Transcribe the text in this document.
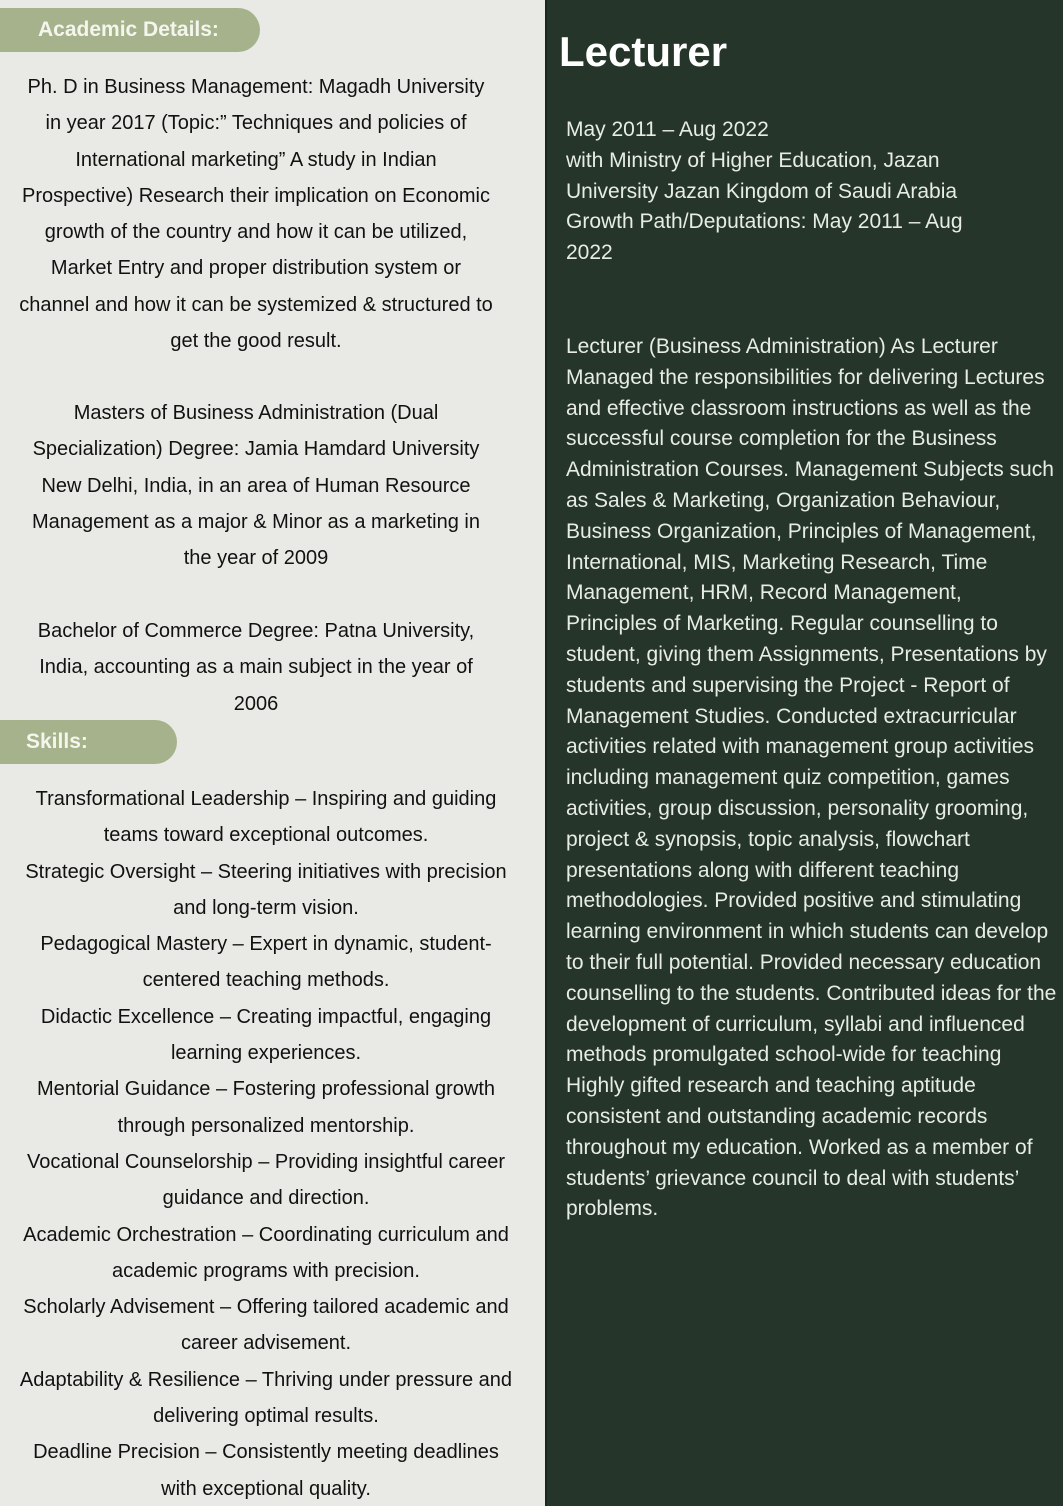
Academic Details:
Ph. D in Business Management: Magadh University
in year 2017 (Topic:” Techniques and policies of
International marketing” A study in Indian
Prospective) Research their implication on Economic
growth of the country and how it can be utilized,
Market Entry and proper distribution system or
channel and how it can be systemized & structured to
get the good result.
Masters of Business Administration (Dual
Specialization) Degree: Jamia Hamdard University
New Delhi, India, in an area of Human Resource
Management as a major & Minor as a marketing in
the year of 2009
Bachelor of Commerce Degree: Patna University,
India, accounting as a main subject in the year of
2006
Skills:
Transformational Leadership – Inspiring and guiding
teams toward exceptional outcomes.
Strategic Oversight – Steering initiatives with precision
and long-term vision.
Pedagogical Mastery – Expert in dynamic, student-
centered teaching methods.
Didactic Excellence – Creating impactful, engaging
learning experiences.
Mentorial Guidance – Fostering professional growth
through personalized mentorship.
Vocational Counselorship – Providing insightful career
guidance and direction.
Academic Orchestration – Coordinating curriculum and
academic programs with precision.
Scholarly Advisement – Offering tailored academic and
career advisement.
Adaptability & Resilience – Thriving under pressure and
delivering optimal results.
Deadline Precision – Consistently meeting deadlines
with exceptional quality.
Lecturer
May 2011 – Aug 2022
with Ministry of Higher Education, Jazan
University Jazan Kingdom of Saudi Arabia
Growth Path/Deputations: May 2011 – Aug
2022
Lecturer (Business Administration) As Lecturer Managed the responsibilities for delivering Lectures and effective classroom instructions as well as the successful course completion for the Business Administration Courses. Management Subjects such as Sales & Marketing, Organization Behaviour, Business Organization, Principles of Management, International, MIS, Marketing Research, Time Management, HRM, Record Management, Principles of Marketing. Regular counselling to student, giving them Assignments, Presentations by students and supervising the Project - Report of Management Studies. Conducted extracurricular activities related with management group activities including management quiz competition, games activities, group discussion, personality grooming, project & synopsis, topic analysis, flowchart presentations along with different teaching methodologies. Provided positive and stimulating learning environment in which students can develop to their full potential. Provided necessary education counselling to the students. Contributed ideas for the development of curriculum, syllabi and influenced methods promulgated school-wide for teaching Highly gifted research and teaching aptitude consistent and outstanding academic records throughout my education. Worked as a member of students’ grievance council to deal with students’ problems.
